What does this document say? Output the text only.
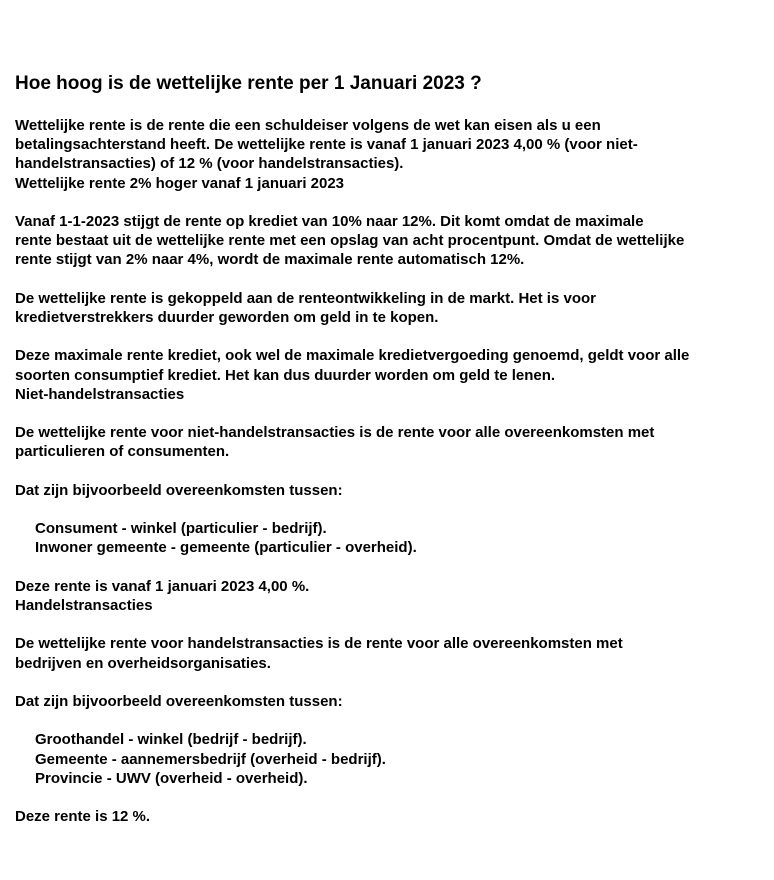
Hoe hoog is de wettelijke rente per 1 Januari 2023 ?
Wettelijke rente is de rente die een schuldeiser volgens de wet kan eisen als u een
betalingsachterstand heeft. De wettelijke rente is vanaf 1 januari 2023 4,00 % (voor niet-
handelstransacties) of 12 % (voor handelstransacties).
Wettelijke rente 2% hoger vanaf 1 januari 2023
Vanaf 1-1-2023 stijgt de rente op krediet van 10% naar 12%. Dit komt omdat de maximale
rente bestaat uit de wettelijke rente met een opslag van acht procentpunt. Omdat de wettelijke
rente stijgt van 2% naar 4%, wordt de maximale rente automatisch 12%.
De wettelijke rente is gekoppeld aan de renteontwikkeling in de markt. Het is voor
kredietverstrekkers duurder geworden om geld in te kopen.
Deze maximale rente krediet, ook wel de maximale kredietvergoeding genoemd, geldt voor alle
soorten consumptief krediet. Het kan dus duurder worden om geld te lenen.
Niet-handelstransacties
De wettelijke rente voor niet-handelstransacties is de rente voor alle overeenkomsten met
particulieren of consumenten.
Dat zijn bijvoorbeeld overeenkomsten tussen:
Consument - winkel (particulier - bedrijf).
Inwoner gemeente - gemeente (particulier - overheid).
Deze rente is vanaf 1 januari 2023 4,00 %.
Handelstransacties
De wettelijke rente voor handelstransacties is de rente voor alle overeenkomsten met
bedrijven en overheidsorganisaties.
Dat zijn bijvoorbeeld overeenkomsten tussen:
Groothandel - winkel (bedrijf - bedrijf).
Gemeente - aannemersbedrijf (overheid - bedrijf).
Provincie - UWV (overheid - overheid).
Deze rente is 12 %.
